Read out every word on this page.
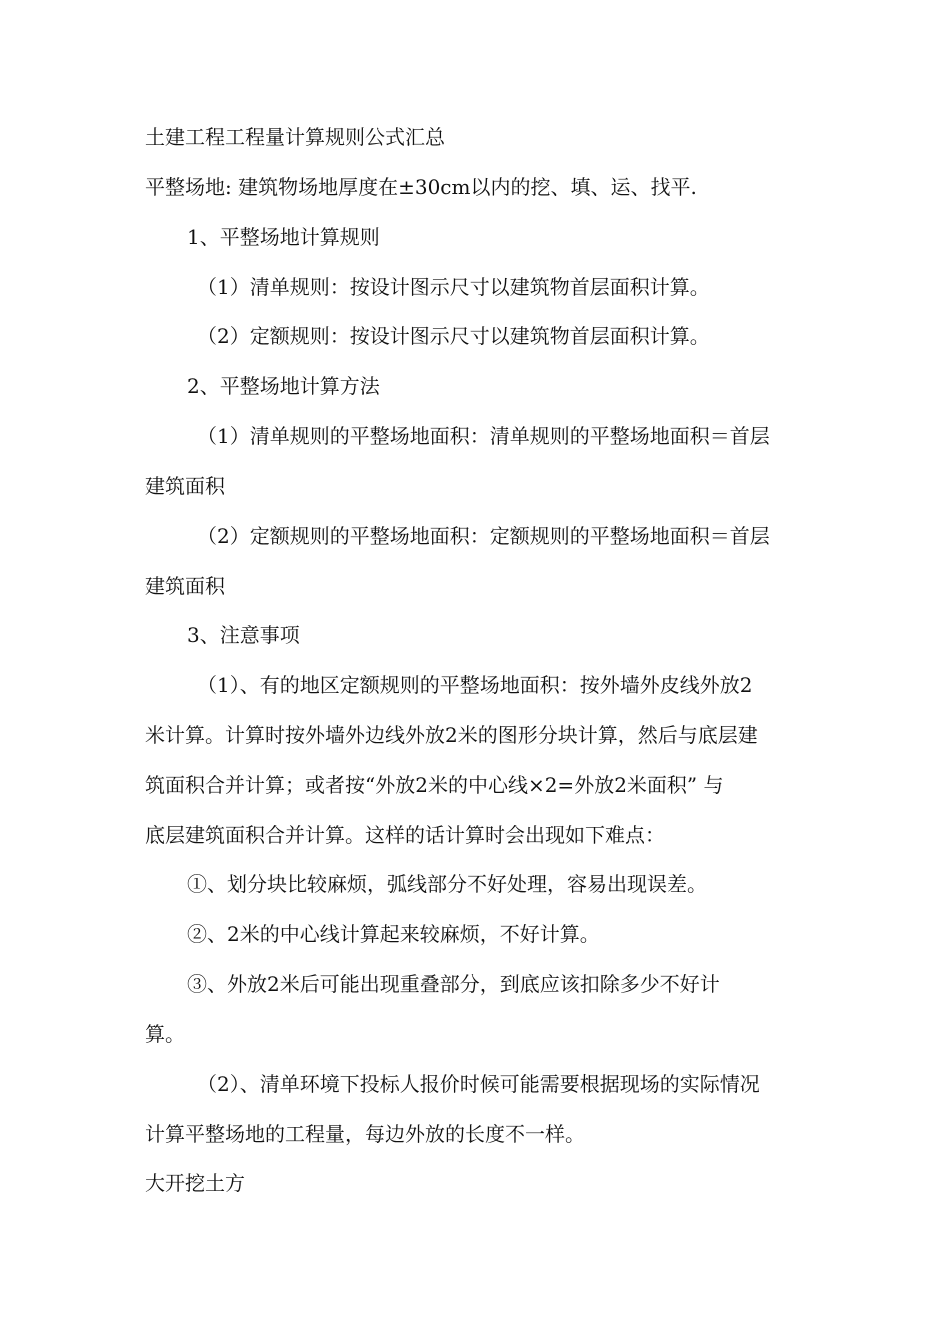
土建工程工程量计算规则公式汇总
平整场地: 建筑物场地厚度在±30cm以内的挖、填、运、找平.
1、平整场地计算规则
（1）清单规则：按设计图示尺寸以建筑物首层面积计算。
（2）定额规则：按设计图示尺寸以建筑物首层面积计算。
2、平整场地计算方法
（1）清单规则的平整场地面积：清单规则的平整场地面积＝首层
建筑面积
（2）定额规则的平整场地面积：定额规则的平整场地面积＝首层
建筑面积
3、注意事项
（1）、有的地区定额规则的平整场地面积：按外墙外皮线外放2
米计算。计算时按外墙外边线外放2米的图形分块计算，然后与底层建
筑面积合并计算；或者按“外放2米的中心线×2=外放2米面积” 与
底层建筑面积合并计算。这样的话计算时会出现如下难点：
①、划分块比较麻烦，弧线部分不好处理，容易出现误差。
②、2米的中心线计算起来较麻烦，不好计算。
③、外放2米后可能出现重叠部分，到底应该扣除多少不好计
算。
（2）、清单环境下投标人报价时候可能需要根据现场的实际情况
计算平整场地的工程量，每边外放的长度不一样。
大开挖土方
